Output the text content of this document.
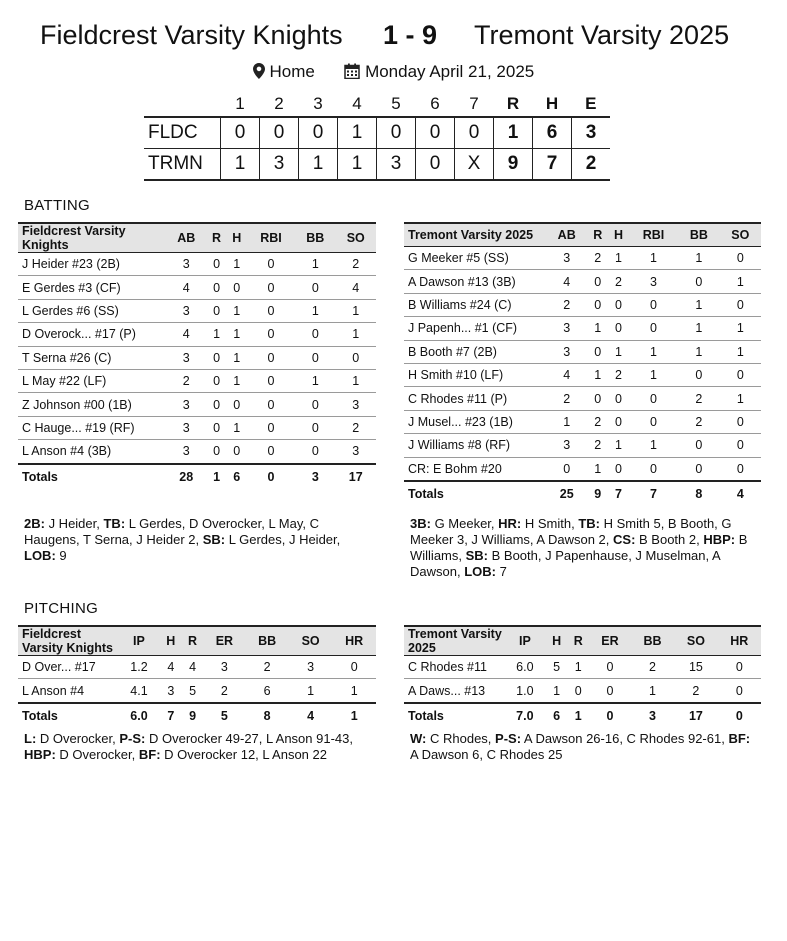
Fieldcrest Varsity Knights 1 - 9 Tremont Varsity 2025
Home	Monday April 21, 2025
	1	2	3	4	5	6	7	R	H	E
FLDC	0	0	0	1	0	0	0	1	6	3
TRMN	1	3	1	1	3	0	X	9	7	2
BATTING
Fieldcrest Varsity Knights	AB	R	H	RBI	BB	SO
J Heider #23 (2B)	3	0	1	0	1	2
E Gerdes #3 (CF)	4	0	0	0	0	4
L Gerdes #6 (SS)	3	0	1	0	1	1
D Overock... #17 (P)	4	1	1	0	0	1
T Serna #26 (C)	3	0	1	0	0	0
L May #22 (LF)	2	0	1	0	1	1
Z Johnson #00 (1B)	3	0	0	0	0	3
C Hauge... #19 (RF)	3	0	1	0	0	2
L Anson #4 (3B)	3	0	0	0	0	3
Totals	28	1	6	0	3	17
Tremont Varsity 2025	AB	R	H	RBI	BB	SO
G Meeker #5 (SS)	3	2	1	1	1	0
A Dawson #13 (3B)	4	0	2	3	0	1
B Williams #24 (C)	2	0	0	0	1	0
J Papenh... #1 (CF)	3	1	0	0	1	1
B Booth #7 (2B)	3	0	1	1	1	1
H Smith #10 (LF)	4	1	2	1	0	0
C Rhodes #11 (P)	2	0	0	0	2	1
J Musel... #23 (1B)	1	2	0	0	2	0
J Williams #8 (RF)	3	2	1	1	0	0
CR: E Bohm #20	0	1	0	0	0	0
Totals	25	9	7	7	8	4
2B: J Heider, TB: L Gerdes, D Overocker, L May, C Haugens, T Serna, J Heider 2, SB: L Gerdes, J Heider, LOB: 9
3B: G Meeker, HR: H Smith, TB: H Smith 5, B Booth, G Meeker 3, J Williams, A Dawson 2, CS: B Booth 2, HBP: B Williams, SB: B Booth, J Papenhause, J Muselman, A Dawson, LOB: 7
PITCHING
Fieldcrest Varsity Knights	IP	H	R	ER	BB	SO	HR
D Over... #17	1.2	4	4	3	2	3	0
L Anson #4	4.1	3	5	2	6	1	1
Totals	6.0	7	9	5	8	4	1
Tremont Varsity 2025	IP	H	R	ER	BB	SO	HR
C Rhodes #11	6.0	5	1	0	2	15	0
A Daws... #13	1.0	1	0	0	1	2	0
Totals	7.0	6	1	0	3	17	0
L: D Overocker, P-S: D Overocker 49-27, L Anson 91-43, HBP: D Overocker, BF: D Overocker 12, L Anson 22
W: C Rhodes, P-S: A Dawson 26-16, C Rhodes 92-61, BF: A Dawson 6, C Rhodes 25
